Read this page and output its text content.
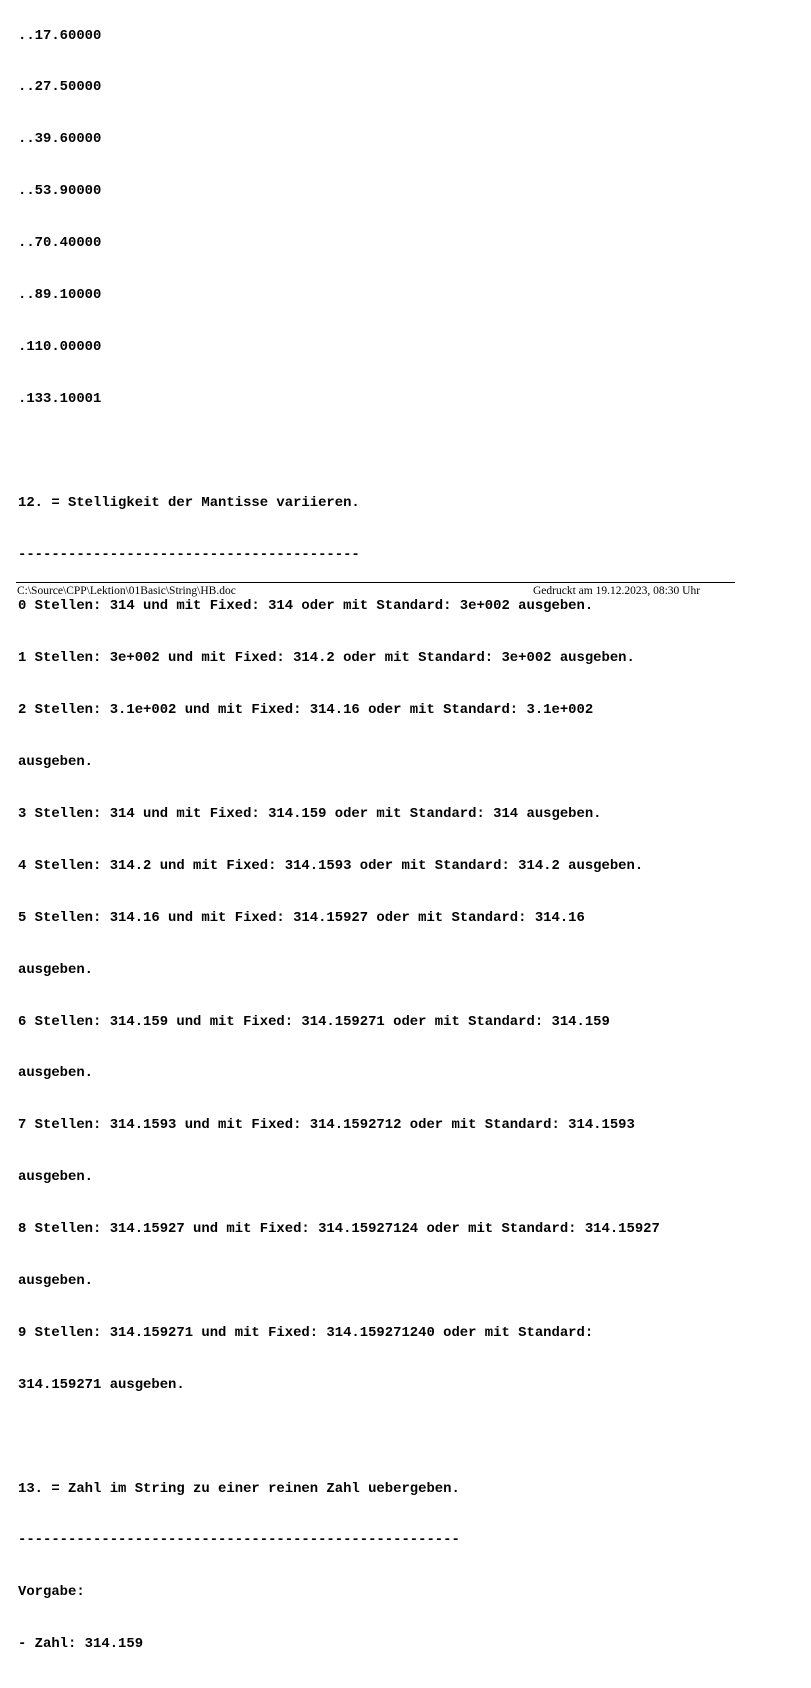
..17.60000

..27.50000

..39.60000

..53.90000

..70.40000

..89.10000

.110.00000

.133.10001

12. = Stelligkeit der Mantisse variieren.

-----------------------------------------

0 Stellen: 314 und mit Fixed: 314 oder mit Standard: 3e+002 ausgeben.

1 Stellen: 3e+002 und mit Fixed: 314.2 oder mit Standard: 3e+002 ausgeben.

2 Stellen: 3.1e+002 und mit Fixed: 314.16 oder mit Standard: 3.1e+002

ausgeben.

3 Stellen: 314 und mit Fixed: 314.159 oder mit Standard: 314 ausgeben.

4 Stellen: 314.2 und mit Fixed: 314.1593 oder mit Standard: 314.2 ausgeben.

5 Stellen: 314.16 und mit Fixed: 314.15927 oder mit Standard: 314.16

ausgeben.

6 Stellen: 314.159 und mit Fixed: 314.159271 oder mit Standard: 314.159

ausgeben.

7 Stellen: 314.1593 und mit Fixed: 314.1592712 oder mit Standard: 314.1593

ausgeben.

8 Stellen: 314.15927 und mit Fixed: 314.15927124 oder mit Standard: 314.15927

ausgeben.

9 Stellen: 314.159271 und mit Fixed: 314.159271240 oder mit Standard:

314.159271 ausgeben.

13. = Zahl im String zu einer reinen Zahl uebergeben.

-----------------------------------------------------

Vorgabe:

- Zahl: 314.159

C:\Source\CPP\Lektion\01Basic\String\HB.doc	Gedruckt am 19.12.2023, 08:30 Uhr
